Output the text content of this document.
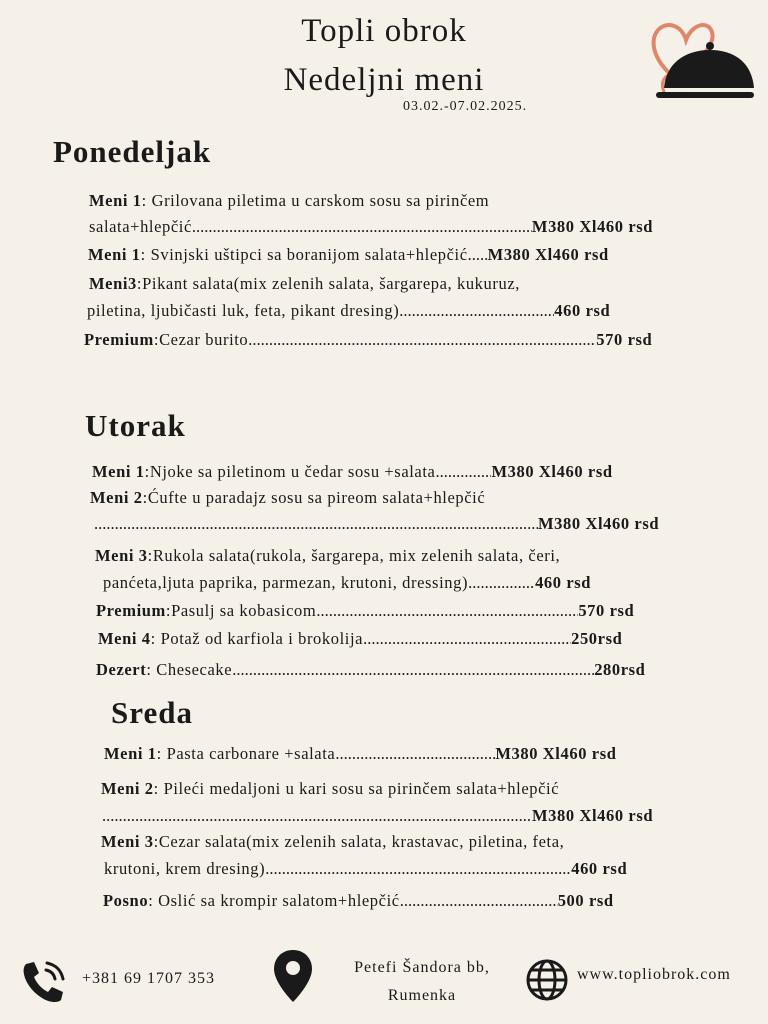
Topli obrok
Nedeljni meni
03.02.-07.02.2025.
Ponedeljak
Meni 1: Grilovana piletima u carskom sosu sa pirinčem
salata+hlepčić .....	M380 Xl460 rsd
Meni 1: Svinjski uštipci sa boranijom salata+hlepčić ..... M380 Xl460 rsd
Meni3:Pikant salata(mix zelenih salata, šargarepa, kukuruz,
piletina, ljubičasti luk, feta, pikant dresing) .....	460 rsd
Premium:Cezar burito .....	570 rsd
Utorak
Meni 1:Njoke sa piletinom u čedar sosu +salata .....	M380 Xl460 rsd
Meni 2:Ćufte u paradajz sosu sa pireom salata+hlepčić
.....M380 Xl460 rsd
Meni 3:Rukola salata(rukola, šargarepa, mix zelenih salata, čeri,
panćeta,ljuta paprika, parmezan, krutoni, dressing) .....	460 rsd
Premium:Pasulj sa kobasicom .....	570 rsd
Meni 4: Potaž od karfiola i brokolija .....	250rsd
Dezert: Chesecake .....	280rsd
Sreda
Meni 1: Pasta carbonare +salata .....	M380 Xl460 rsd
Meni 2: Pileći medaljoni u kari sosu sa pirinčem salata+hlepčić
.....M380 Xl460 rsd
Meni 3:Cezar salata(mix zelenih salata, krastavac, piletina, feta,
krutoni, krem dresing) .....	460 rsd
Posno: Oslić sa krompir salatom+hlepčić .....	500 rsd
+381 69 1707 353
Petefi Šandora bb,
Rumenka
www.topliobrok.com
